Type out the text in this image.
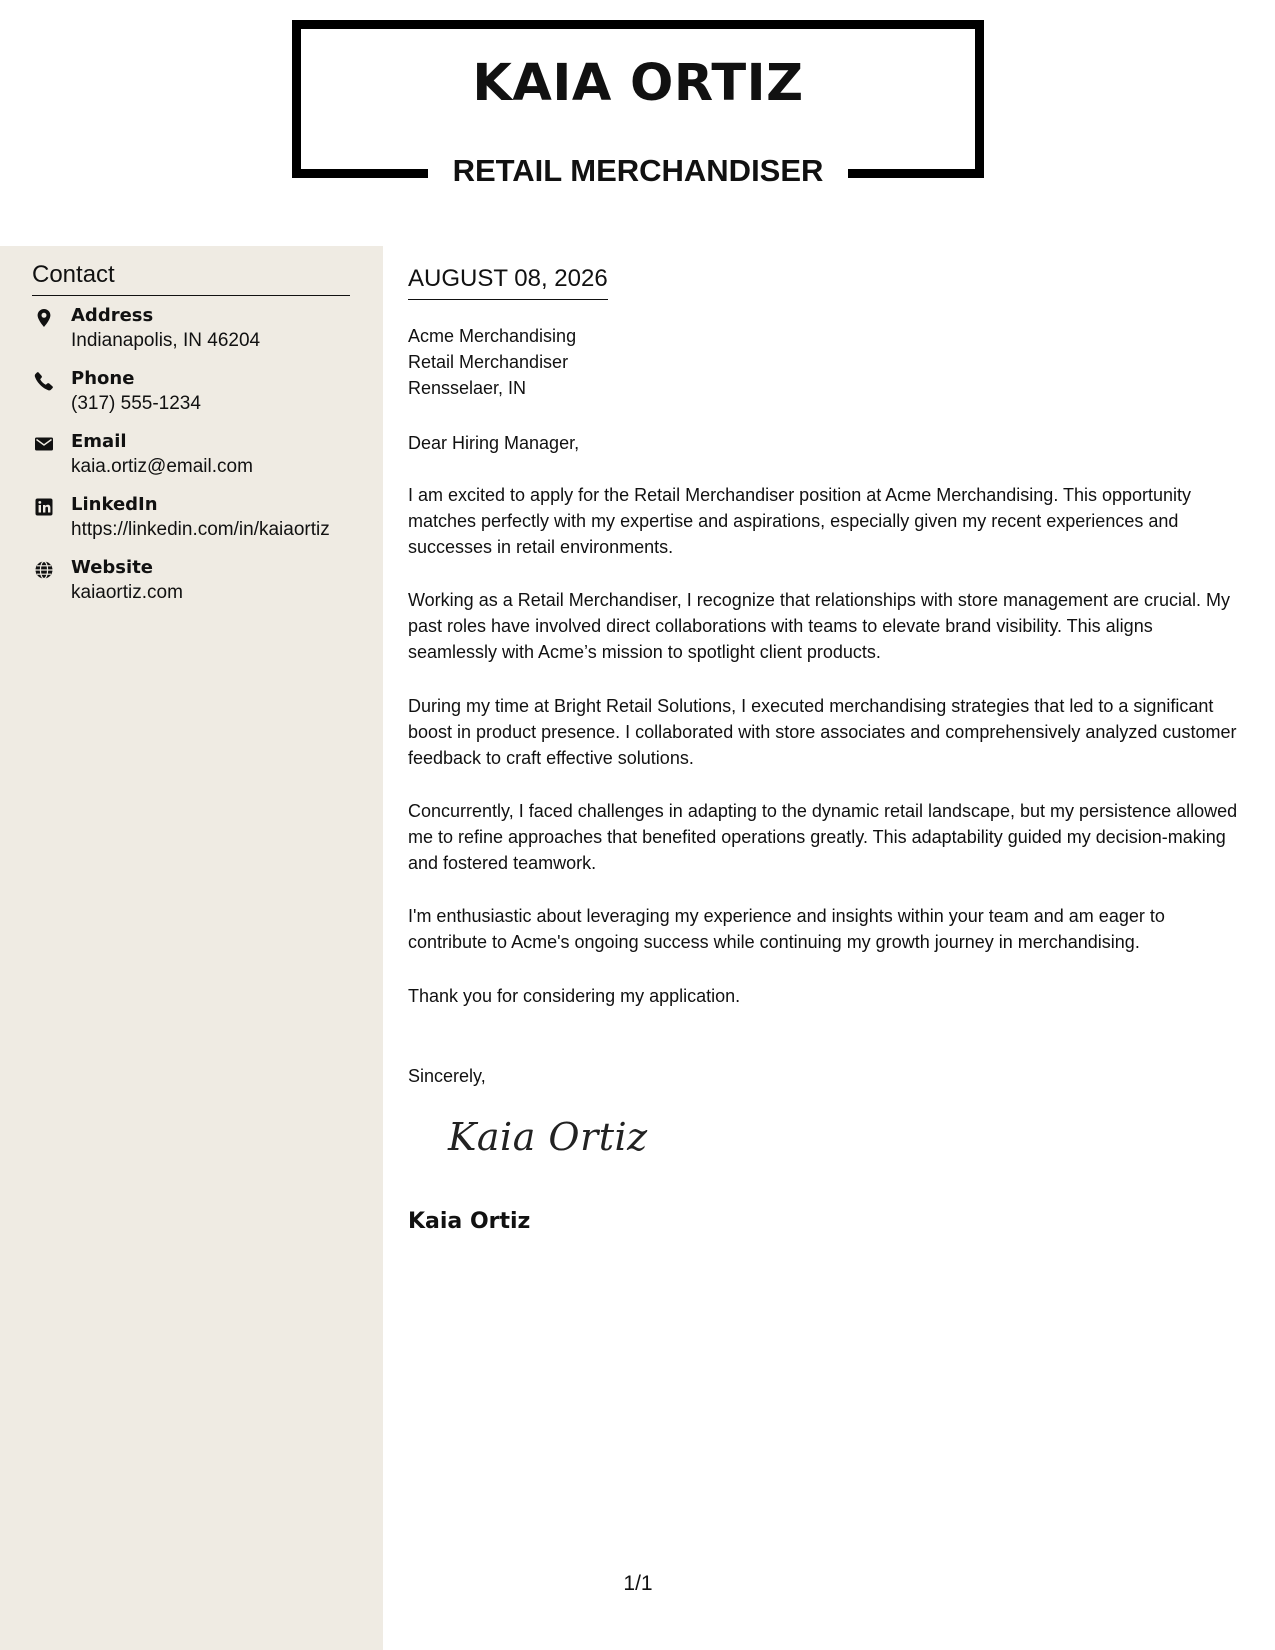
KAIA ORTIZ
RETAIL MERCHANDISER
Contact
Address
Indianapolis, IN 46204
Phone
(317) 555-1234
Email
kaia.ortiz@email.com
LinkedIn
https://linkedin.com/in/kaiaortiz
Website
kaiaortiz.com
AUGUST 08, 2026
Acme Merchandising
Retail Merchandiser
Rensselaer, IN
Dear Hiring Manager,
I am excited to apply for the Retail Merchandiser position at Acme Merchandising. This opportunity matches perfectly with my expertise and aspirations, especially given my recent experiences and successes in retail environments.
Working as a Retail Merchandiser, I recognize that relationships with store management are crucial. My past roles have involved direct collaborations with teams to elevate brand visibility. This aligns seamlessly with Acme’s mission to spotlight client products.
During my time at Bright Retail Solutions, I executed merchandising strategies that led to a significant boost in product presence. I collaborated with store associates and comprehensively analyzed customer feedback to craft effective solutions.
Concurrently, I faced challenges in adapting to the dynamic retail landscape, but my persistence allowed me to refine approaches that benefited operations greatly. This adaptability guided my decision-making and fostered teamwork.
I'm enthusiastic about leveraging my experience and insights within your team and am eager to contribute to Acme's ongoing success while continuing my growth journey in merchandising.
Thank you for considering my application.
Sincerely,
Kaia Ortiz
Kaia Ortiz
1/1
